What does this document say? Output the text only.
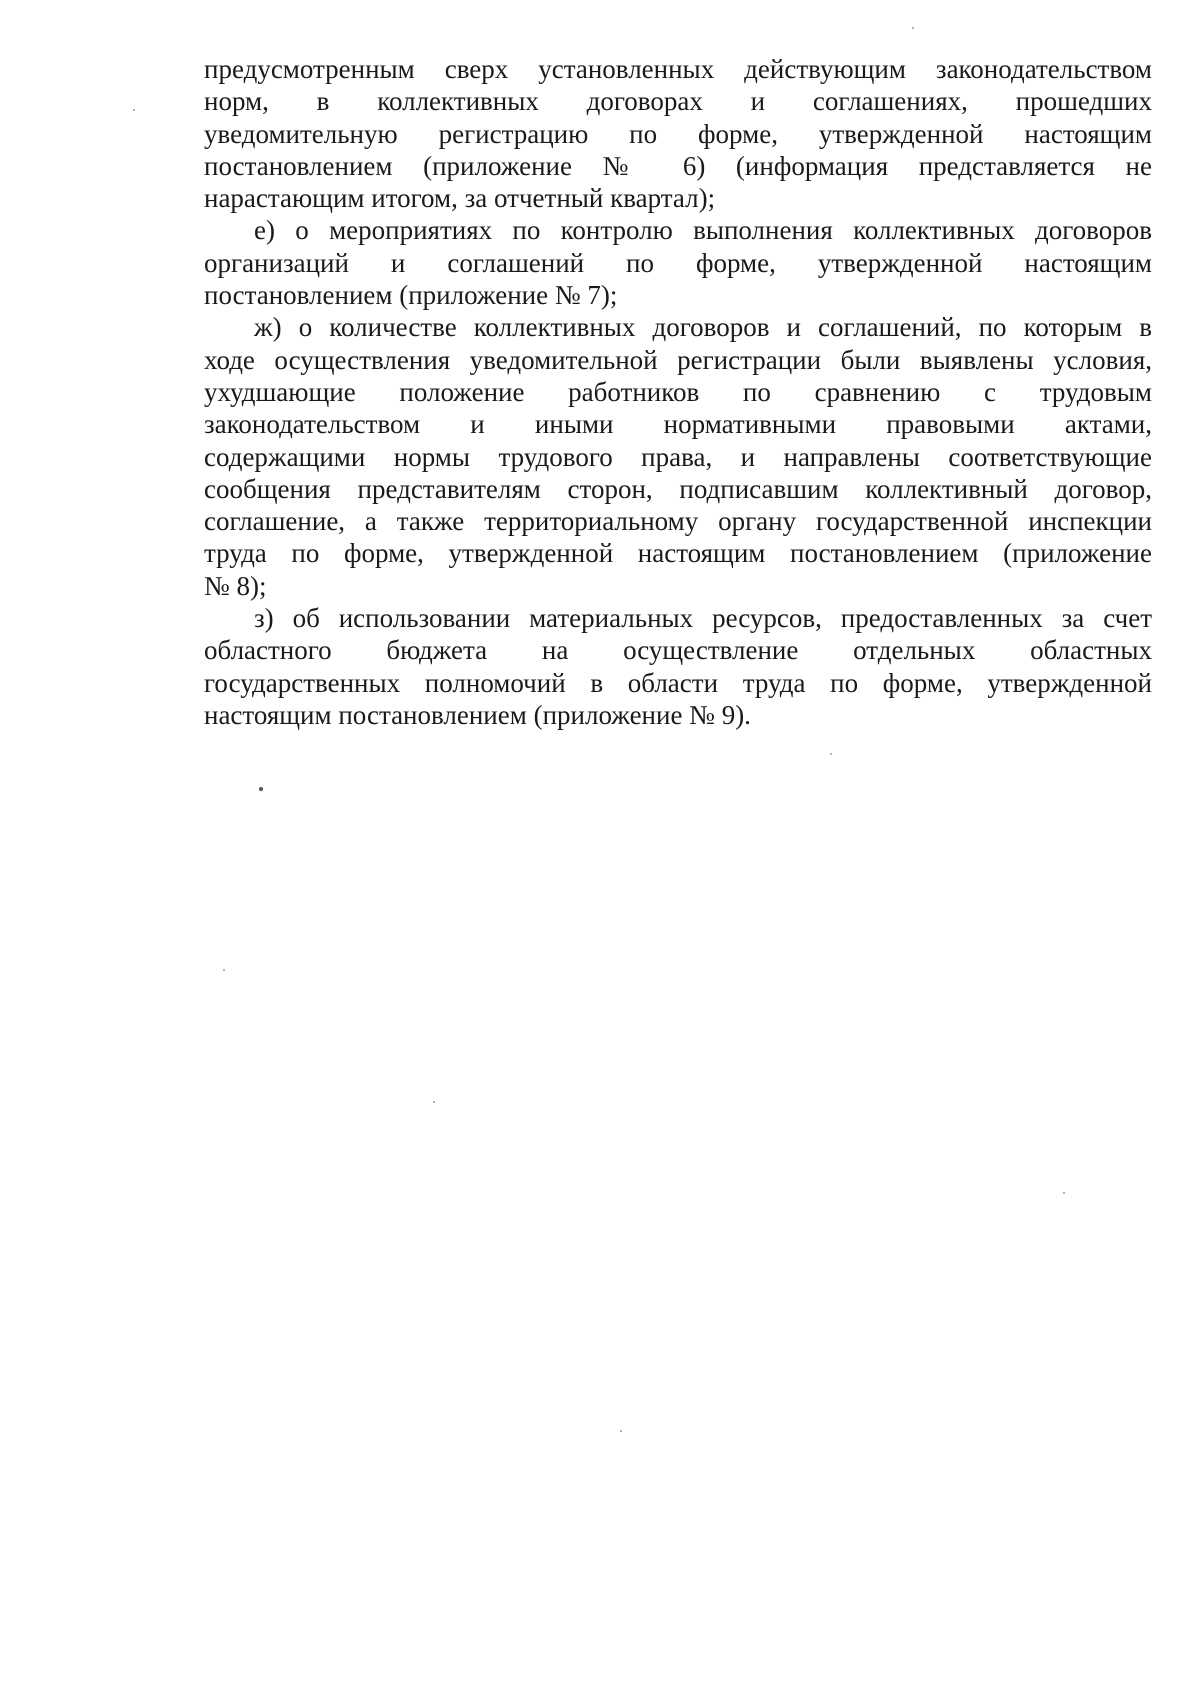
предусмотренным сверх установленных действующим законодательством
норм, в коллективных договорах и соглашениях, прошедших
уведомительную регистрацию по форме, утвержденной настоящим
постановлением (приложение № 6) (информация представляется не
нарастающим итогом, за отчетный квартал);

е) о мероприятиях по контролю выполнения коллективных договоров
организаций и соглашений по форме, утвержденной настоящим
постановлением (приложение № 7);

ж) о количестве коллективных договоров и соглашений, по которым в
ходе осуществления уведомительной регистрации были выявлены условия,
ухудшающие положение работников по сравнению с трудовым
законодательством и иными нормативными правовыми актами,
содержащими нормы трудового права, и направлены соответствующие
сообщения представителям сторон, подписавшим коллективный договор,
соглашение, а также территориальному органу государственной инспекции
труда по форме, утвержденной настоящим постановлением (приложение
№ 8);

з) об использовании материальных ресурсов, предоставленных за счет
областного бюджета на осуществление отдельных областных
государственных полномочий в области труда по форме, утвержденной
настоящим постановлением (приложение № 9).
